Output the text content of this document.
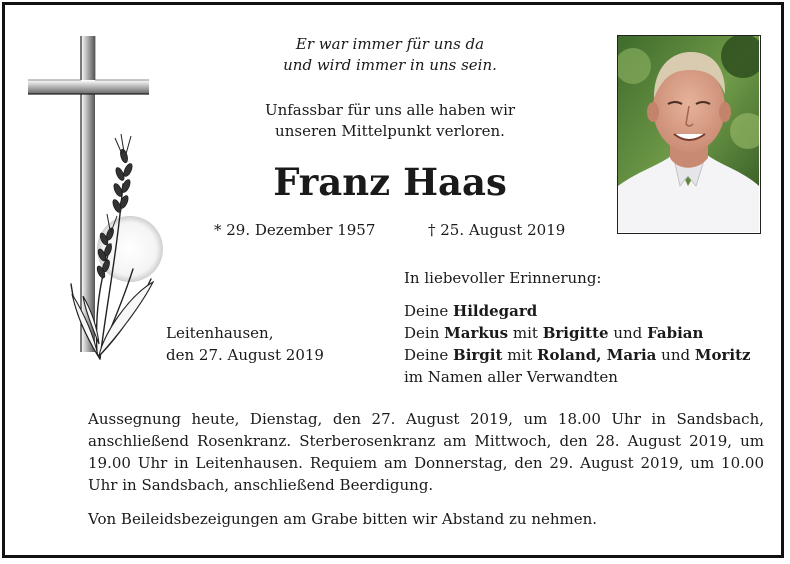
Er war immer für uns da
und wird immer in uns sein.
Unfassbar für uns alle haben wir
unseren Mittelpunkt verloren.
Franz Haas
* 29. Dezember 1957	† 25. August 2019
Leitenhausen,
den 27. August 2019
In liebevoller Erinnerung:
Deine Hildegard
Dein Markus mit Brigitte und Fabian
Deine Birgit mit Roland, Maria und Moritz
im Namen aller Verwandten
Aussegnung heute, Dienstag, den 27. August 2019, um 18.00 Uhr in Sandsbach, anschließend Rosenkranz. Sterberosenkranz am Mittwoch, den 28. August 2019, um 19.00 Uhr in Leitenhausen. Requiem am Donnerstag, den 29. August 2019, um 10.00 Uhr in Sandsbach, anschließend Beerdigung.
Von Beileidsbezeigungen am Grabe bitten wir Abstand zu nehmen.
